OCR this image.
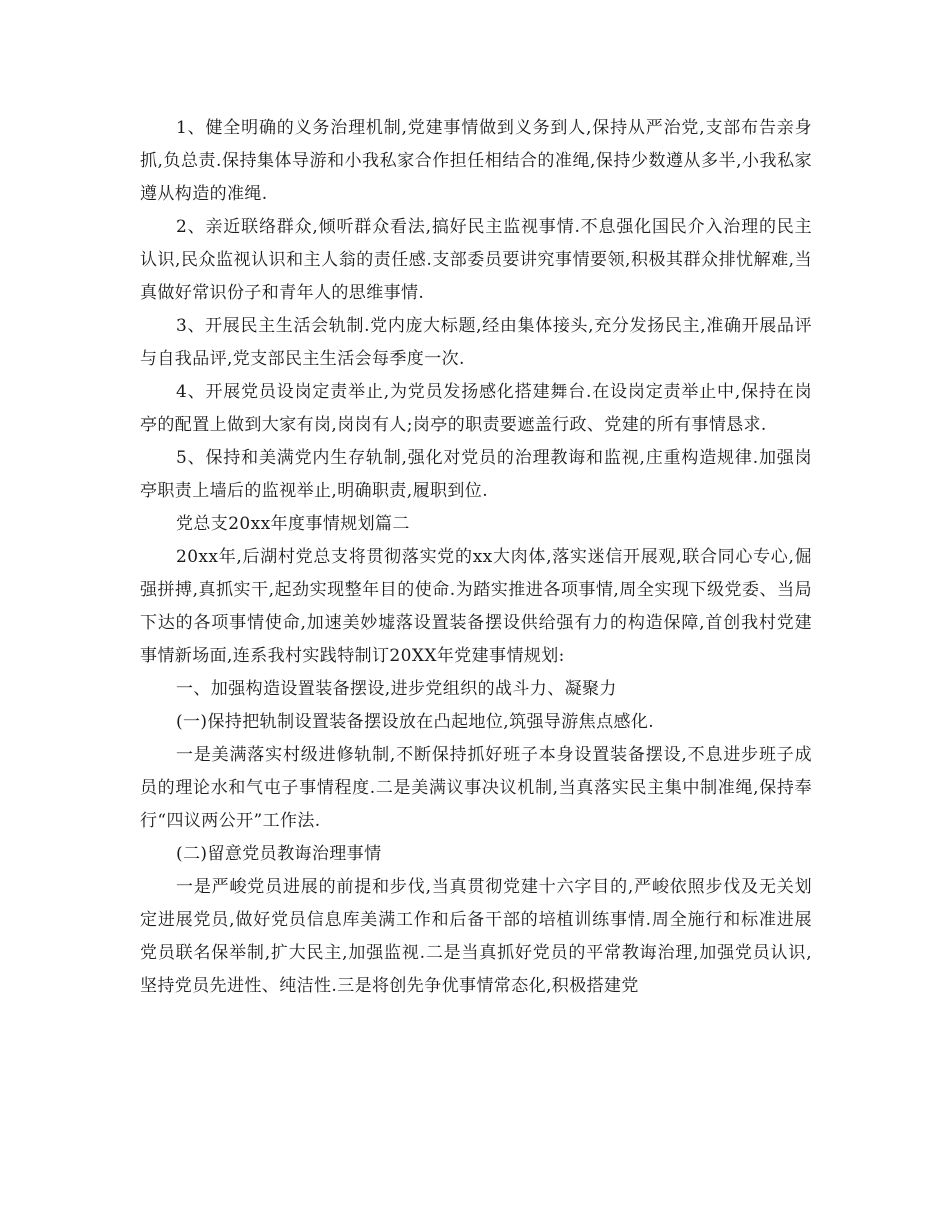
1、健全明确的义务治理机制,党建事情做到义务到人,保持从严治党,支部布告亲身抓,负总责.保持集体导游和小我私家合作担任相结合的准绳,保持少数遵从多半,小我私家遵从构造的准绳.

2、亲近联络群众,倾听群众看法,搞好民主监视事情.不息强化国民介入治理的民主认识,民众监视认识和主人翁的责任感.支部委员要讲究事情要领,积极其群众排忧解难,当真做好常识份子和青年人的思维事情.

3、开展民主生活会轨制.党内庞大标题,经由集体接头,充分发扬民主,准确开展品评与自我品评,党支部民主生活会每季度一次.

4、开展党员设岗定责举止,为党员发扬感化搭建舞台.在设岗定责举止中,保持在岗亭的配置上做到大家有岗,岗岗有人;岗亭的职责要遮盖行政、党建的所有事情恳求.

5、保持和美满党内生存轨制,强化对党员的治理教诲和监视,庄重构造规律.加强岗亭职责上墙后的监视举止,明确职责,履职到位.

党总支20xx年度事情规划篇二

20xx年,后湖村党总支将贯彻落实党的xx大肉体,落实迷信开展观,联合同心专心,倔强拼搏,真抓实干,起劲实现整年目的使命.为踏实推进各项事情,周全实现下级党委、当局下达的各项事情使命,加速美妙墟落设置装备摆设供给强有力的构造保障,首创我村党建事情新场面,连系我村实践特制订20XX年党建事情规划:

一、加强构造设置装备摆设,进步党组织的战斗力、凝聚力

(一)保持把轨制设置装备摆设放在凸起地位,筑强导游焦点感化.

一是美满落实村级进修轨制,不断保持抓好班子本身设置装备摆设,不息进步班子成员的理论水和气屯子事情程度.二是美满议事决议机制,当真落实民主集中制准绳,保持奉行“四议两公开”工作法.

(二)留意党员教诲治理事情

一是严峻党员进展的前提和步伐,当真贯彻党建十六字目的,严峻依照步伐及无关划定进展党员,做好党员信息库美满工作和后备干部的培植训练事情.周全施行和标准进展党员联名保举制,扩大民主,加强监视.二是当真抓好党员的平常教诲治理,加强党员认识,坚持党员先进性、纯洁性.三是将创先争优事情常态化,积极搭建党
